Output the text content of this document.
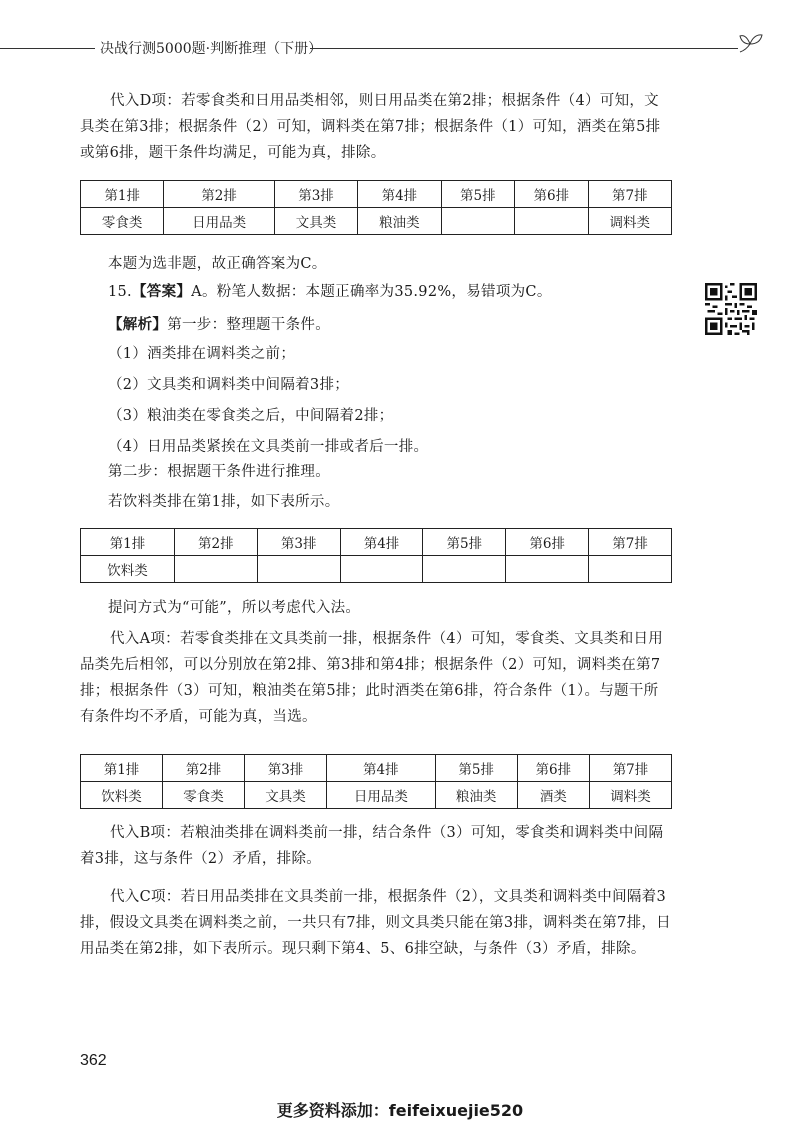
决战行测5000题·判断推理（下册）
代入D项：若零食类和日用品类相邻，则日用品类在第2排；根据条件（4）可知，文具类在第3排；根据条件（2）可知，调料类在第7排；根据条件（1）可知，酒类在第5排或第6排，题干条件均满足，可能为真，排除。
第1排	第2排	第3排	第4排	第5排	第6排	第7排
零食类	日用品类	文具类	粮油类			调料类
本题为选非题，故正确答案为C。
15.【答案】A。粉笔人数据：本题正确率为35.92%，易错项为C。
【解析】第一步：整理题干条件。
（1）酒类排在调料类之前；
（2）文具类和调料类中间隔着3排；
（3）粮油类在零食类之后，中间隔着2排；
（4）日用品类紧挨在文具类前一排或者后一排。
第二步：根据题干条件进行推理。
若饮料类排在第1排，如下表所示。
第1排	第2排	第3排	第4排	第5排	第6排	第7排
饮料类						
提问方式为“可能”，所以考虑代入法。
代入A项：若零食类排在文具类前一排，根据条件（4）可知，零食类、文具类和日用品类先后相邻，可以分别放在第2排、第3排和第4排；根据条件（2）可知，调料类在第7排；根据条件（3）可知，粮油类在第5排；此时酒类在第6排，符合条件（1）。与题干所有条件均不矛盾，可能为真，当选。
第1排	第2排	第3排	第4排	第5排	第6排	第7排
饮料类	零食类	文具类	日用品类	粮油类	酒类	调料类
代入B项：若粮油类排在调料类前一排，结合条件（3）可知，零食类和调料类中间隔着3排，这与条件（2）矛盾，排除。
代入C项：若日用品类排在文具类前一排，根据条件（2），文具类和调料类中间隔着3排，假设文具类在调料类之前，一共只有7排，则文具类只能在第3排，调料类在第7排，日用品类在第2排，如下表所示。现只剩下第4、5、6排空缺，与条件（3）矛盾，排除。
362
更多资料添加：feifeixuejie520
